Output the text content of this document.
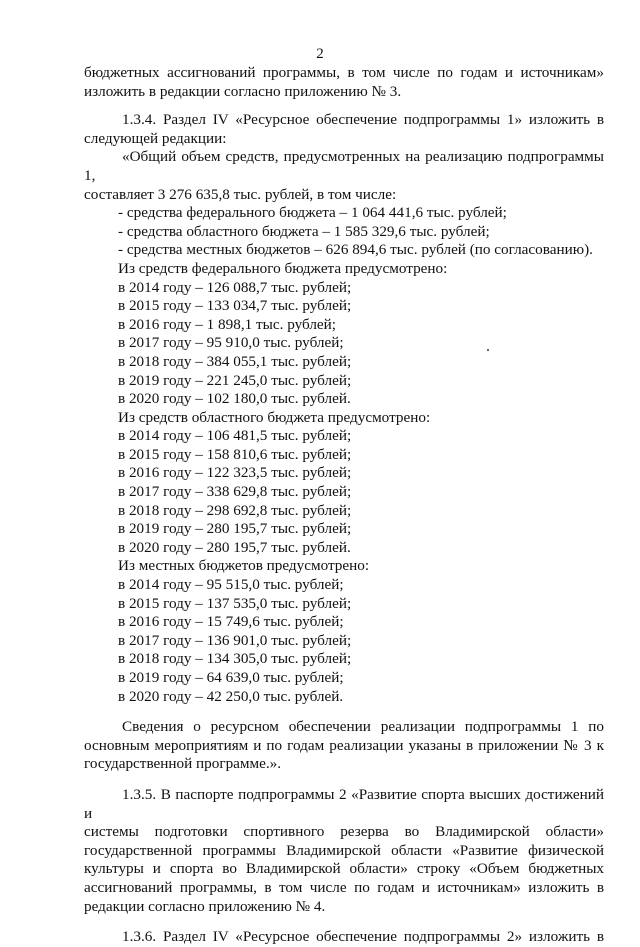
2

бюджетных ассигнований программы, в том числе по годам и источникам»

изложить в редакции согласно приложению № 3.

1.3.4. Раздел IV «Ресурсное обеспечение подпрограммы 1» изложить в

следующей редакции:

«Общий объем средств, предусмотренных на реализацию подпрограммы 1,

составляет 3 276 635,8 тыс. рублей, в том числе:

- средства федерального бюджета – 1 064 441,6 тыс. рублей;

- средства областного бюджета – 1 585 329,6 тыс. рублей;

- средства местных бюджетов – 626 894,6 тыс. рублей (по согласованию).

Из средств федерального бюджета предусмотрено:

в 2014 году – 126 088,7 тыс. рублей;

в 2015 году – 133 034,7 тыс. рублей;

в 2016 году – 1 898,1 тыс. рублей;

в 2017 году – 95 910,0 тыс. рублей;

в 2018 году – 384 055,1 тыс. рублей;

в 2019 году – 221 245,0 тыс. рублей;

в 2020 году – 102 180,0 тыс. рублей.

Из средств областного бюджета предусмотрено:

в 2014 году – 106 481,5 тыс. рублей;

в 2015 году – 158 810,6 тыс. рублей;

в 2016 году – 122 323,5 тыс. рублей;

в 2017 году – 338 629,8 тыс. рублей;

в 2018 году – 298 692,8 тыс. рублей;

в 2019 году – 280 195,7 тыс. рублей;

в 2020 году – 280 195,7 тыс. рублей.

Из местных бюджетов предусмотрено:

в 2014 году – 95 515,0 тыс. рублей;

в 2015 году – 137 535,0 тыс. рублей;

в 2016 году – 15 749,6 тыс. рублей;

в 2017 году – 136 901,0 тыс. рублей;

в 2018 году – 134 305,0 тыс. рублей;

в 2019 году – 64 639,0 тыс. рублей;

в 2020 году – 42 250,0 тыс. рублей.

Сведения о ресурсном обеспечении реализации подпрограммы 1 по

основным мероприятиям и по годам реализации указаны в приложении № 3 к

государственной программе.».

1.3.5. В паспорте подпрограммы 2 «Развитие спорта высших достижений и

системы подготовки спортивного резерва во Владимирской области»

государственной программы Владимирской области «Развитие физической

культуры и спорта во Владимирской области» строку «Объем бюджетных

ассигнований программы, в том числе по годам и источникам» изложить в

редакции согласно приложению № 4.

1.3.6. Раздел IV «Ресурсное обеспечение подпрограммы 2» изложить в
